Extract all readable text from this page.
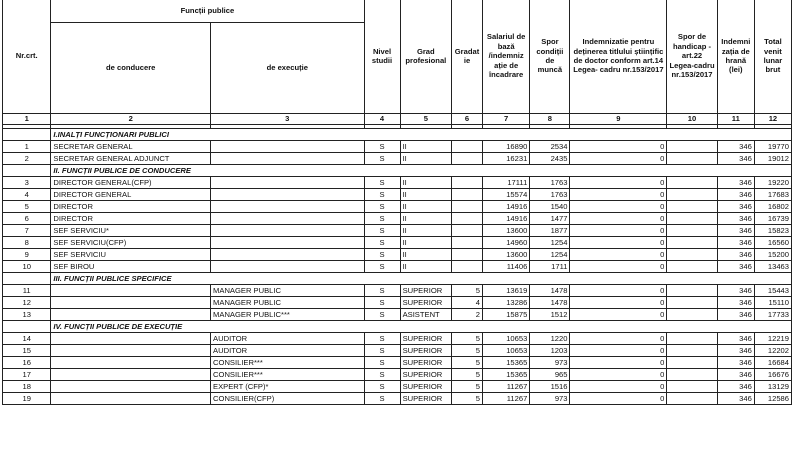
Nr.crt.	Funcții publice		Nivel studii	Grad profesional	Gradat ie	Salariul de bază /indemniz ație de încadrare	Spor condiții de muncă	Indemnizatie pentru deținerea titlului științific de doctor conform art.14 Legea- cadru nr.153/2017	Spor de handicap - art.22 Legea-cadru nr.153/2017	Indemni zația de hrană (lei)	Total venit lunar brut
	de conducere	de execuție									
1	2	3	4	5	6	7	8	9	10	11	12

	I.INALȚI FUNCȚIONARI PUBLICI										
1	SECRETAR GENERAL		S	II		16890	2534	0		346	19770
2	SECRETAR GENERAL ADJUNCT		S	II		16231	2435	0		346	19012
	II. FUNCȚII PUBLICE DE CONDUCERE										
3	DIRECTOR GENERAL(CFP)		S	II		17111	1763	0		346	19220
4	DIRECTOR GENERAL		S	II		15574	1763	0		346	17683
5	DIRECTOR		S	II		14916	1540	0		346	16802
6	DIRECTOR		S	II		14916	1477	0		346	16739
7	SEF SERVICIU*		S	II		13600	1877	0		346	15823
8	SEF SERVICIU(CFP)		S	II		14960	1254	0		346	16560
9	SEF SERVICIU		S	II		13600	1254	0		346	15200
10	SEF BIROU		S	II		11406	1711	0		346	13463
	III. FUNCȚII PUBLICE SPECIFICE										
11		MANAGER PUBLIC	S	SUPERIOR	5	13619	1478	0		346	15443
12		MANAGER PUBLIC	S	SUPERIOR	4	13286	1478	0		346	15110
13		MANAGER PUBLIC***	S	ASISTENT	2	15875	1512	0		346	17733
	IV. FUNCȚII PUBLICE DE EXECUȚIE										
14		AUDITOR	S	SUPERIOR	5	10653	1220	0		346	12219
15		AUDITOR	S	SUPERIOR	5	10653	1203	0		346	12202
16		CONSILIER***	S	SUPERIOR	5	15365	973	0		346	16684
17		CONSILIER***	S	SUPERIOR	5	15365	965	0		346	16676
18		EXPERT (CFP)*	S	SUPERIOR	5	11267	1516	0		346	13129
19		CONSILIER(CFP)	S	SUPERIOR	5	11267	973	0		346	12586
